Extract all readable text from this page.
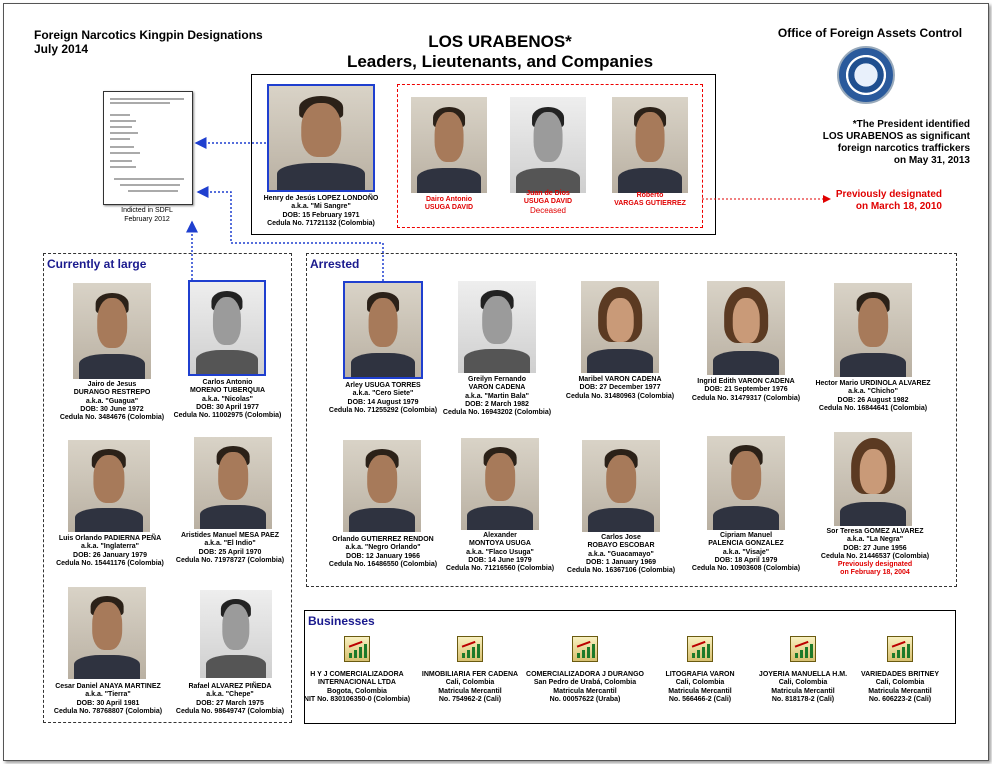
Foreign Narcotics Kingpin Designations
July 2014	LOS URABENOS*
Leaders, Lieutenants, and Companies
Office of Foreign Assets Control
*The President identified
LOS URABENOS as significant
foreign narcotics traffickers
on May 31, 2013
Previously designated
on March 18, 2010
Indicted in SDFL
February 2012
Henry de Jesús LOPEZ LONDOÑO
a.k.a. "Mi Sangre"
DOB: 15 February 1971
Cedula No. 71721132 (Colombia)
Dairo Antonio
USUGA DAVID
Juan de Dios
USUGA DAVID
Deceased
Roberto
VARGAS GUTIERREZ
Currently at large
Jairo de Jesus
DURANGO RESTREPO
a.k.a. "Guagua"
DOB: 30 June 1972
Cedula No. 3484676 (Colombia)
Carlos Antonio
MORENO TUBERQUIA
a.k.a. "Nicolas"
DOB: 30 April 1977
Cedula No. 11002975 (Colombia)
Luis Orlando PADIERNA PEÑA
a.k.a. "Inglaterra"
DOB: 26 January 1979
Cedula No. 15441176 (Colombia)
Aristides Manuel MESA PAEZ
a.k.a. "El Indio"
DOB: 25 April 1970
Cedula No. 71978727 (Colombia)
Cesar Daniel ANAYA MARTINEZ
a.k.a. "Tierra"
DOB: 30 April 1981
Cedula No. 78768807 (Colombia)
Rafael ALVAREZ PIÑEDA
a.k.a. "Chepe"
DOB: 27 March 1975
Cedula No. 98649747 (Colombia)
Arrested
Arley USUGA TORRES
a.k.a. "Cero Siete"
DOB: 14 August 1979
Cedula No. 71255292 (Colombia)
Greilyn Fernando
VARON CADENA
a.k.a. "Martin Bala"
DOB: 2 March 1982
Cedula No. 16943202 (Colombia)
Maribel VARON CADENA
DOB: 27 December 1977
Cedula No. 31480963 (Colombia)
Ingrid Edith VARON CADENA
DOB: 21 September 1976
Cedula No. 31479317 (Colombia)
Hector Mario URDINOLA ALVAREZ
a.k.a. "Chicho"
DOB: 26 August 1982
Cedula No. 16844641 (Colombia)
Orlando GUTIERREZ RENDON
a.k.a. "Negro Orlando"
DOB: 12 January 1966
Cedula No. 16486550 (Colombia)
Alexander
MONTOYA USUGA
a.k.a. "Flaco Usuga"
DOB: 14 June 1979
Cedula No. 71216560 (Colombia)
Carlos Jose
ROBAYO ESCOBAR
a.k.a. "Guacamayo"
DOB: 1 January 1969
Cedula No. 16367106 (Colombia)
Cipriam Manuel
PALENCIA GONZALEZ
a.k.a. "Visaje"
DOB: 18 April 1979
Cedula No. 10903608 (Colombia)
Sor Teresa GOMEZ ALVAREZ
a.k.a. "La Negra"
DOB: 27 June 1956
Cedula No. 21446537 (Colombia)
Previously designated
on February 18, 2004
Businesses
H Y J COMERCIALIZADORA
INTERNACIONAL LTDA
Bogota, Colombia
NIT No. 830106350-0 (Colombia)
INMOBILIARIA FER CADENA
Cali, Colombia
Matricula Mercantil
No. 754962-2 (Cali)
COMERCIALIZADORA J DURANGO
San Pedro de Urabá, Colombia
Matricula Mercantil
No. 00057622 (Uraba)
LITOGRAFIA VARON
Cali, Colombia
Matricula Mercantil
No. 566466-2 (Cali)
JOYERIA MANUELLA H.M.
Cali, Colombia
Matricula Mercantil
No. 818178-2 (Cali)
VARIEDADES BRITNEY
Cali, Colombia
Matricula Mercantil
No. 606223-2 (Cali)
